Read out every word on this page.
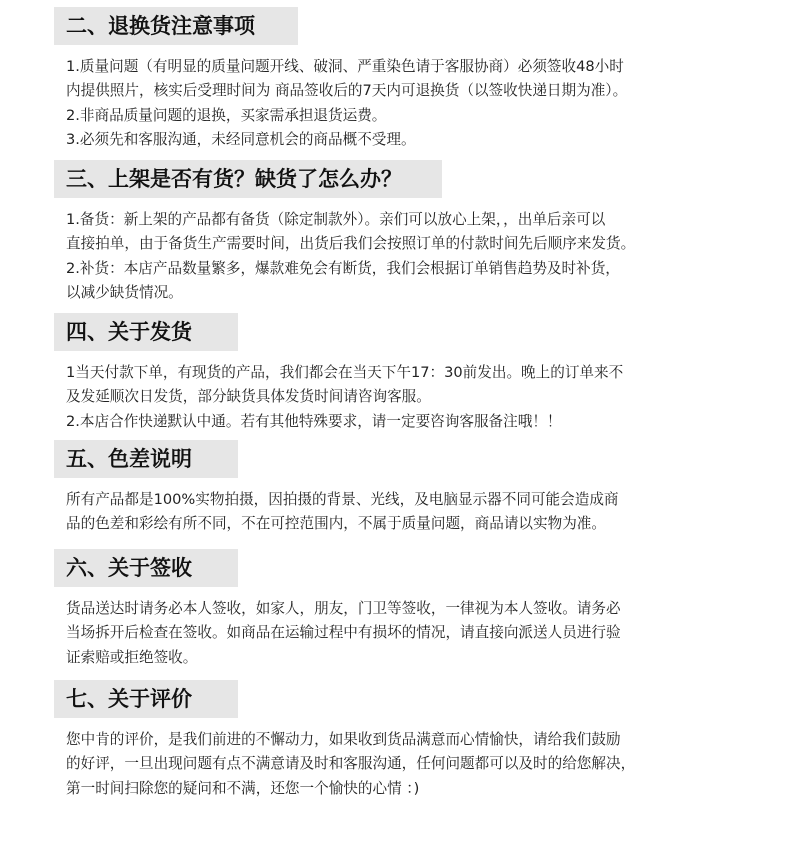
二、退换货注意事项
1.质量问题（有明显的质量问题开线、破洞、严重染色请于客服协商）必须签收48小时
内提供照片，核实后受理时间为 商品签收后的7天内可退换货（以签收快递日期为准）。
2.非商品质量问题的退换，买家需承担退货运费。
3.必须先和客服沟通，未经同意机会的商品概不受理。
三、上架是否有货？缺货了怎么办？
1.备货：新上架的产品都有备货（除定制款外）。亲们可以放心上架，，出单后亲可以
直接拍单，由于备货生产需要时间，出货后我们会按照订单的付款时间先后顺序来发货。
2.补货：本店产品数量繁多，爆款难免会有断货，我们会根据订单销售趋势及时补货，
以减少缺货情况。
四、关于发货
1当天付款下单，有现货的产品，我们都会在当天下午17：30前发出。晚上的订单来不
及发延顺次日发货，部分缺货具体发货时间请咨询客服。
2.本店合作快递默认中通。若有其他特殊要求，请一定要咨询客服备注哦！！
五、色差说明
所有产品都是100%实物拍摄，因拍摄的背景、光线，及电脑显示器不同可能会造成商
品的色差和彩绘有所不同，不在可控范围内，不属于质量问题，商品请以实物为准。
六、关于签收
货品送达时请务必本人签收，如家人，朋友，门卫等签收，一律视为本人签收。请务必
当场拆开后检查在签收。如商品在运输过程中有损坏的情况，请直接向派送人员进行验
证索赔或拒绝签收。
七、关于评价
您中肯的评价，是我们前进的不懈动力，如果收到货品满意而心情愉快，请给我们鼓励
的好评，一旦出现问题有点不满意请及时和客服沟通，任何问题都可以及时的给您解决，
第一时间扫除您的疑问和不满，还您一个愉快的心情 ：)
